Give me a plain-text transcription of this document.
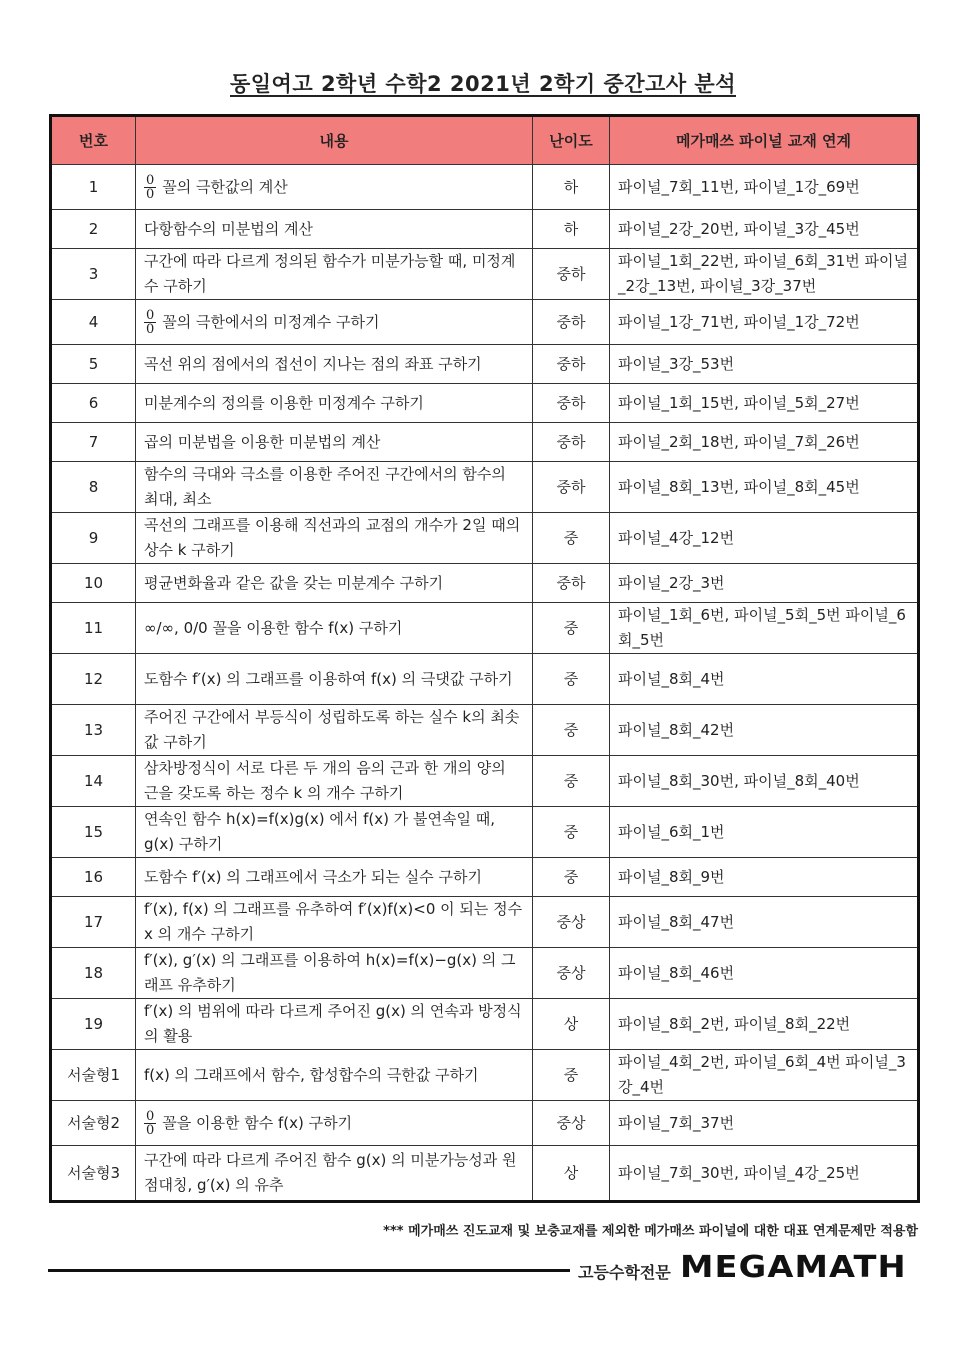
동일여고 2학년 수학2 2021년 2학기 중간고사 분석
번호	내용	난이도	메가매쓰 파이널 교재 연계
1	$\frac{0}{0}$ 꼴의 극한값의 계산	하	파이널_7회_11번, 파이널_1강_69번
2	다항함수의 미분법의 계산	하	파이널_2강_20번, 파이널_3강_45번
3	구간에 따라 다르게 정의된 함수가 미분가능할 때, 미정계수 구하기	중하	파이널_1회_22번, 파이널_6회_31번 파이널_2강_13번, 파이널_3강_37번
4	$\frac{0}{0}$ 꼴의 극한에서의 미정계수 구하기	중하	파이널_1강_71번, 파이널_1강_72번
5	곡선 위의 점에서의 접선이 지나는 점의 좌표 구하기	중하	파이널_3강_53번
6	미분계수의 정의를 이용한 미정계수 구하기	중하	파이널_1회_15번, 파이널_5회_27번
7	곱의 미분법을 이용한 미분법의 계산	중하	파이널_2회_18번, 파이널_7회_26번
8	함수의 극대와 극소를 이용한 주어진 구간에서의 함수의 최대, 최소	중하	파이널_8회_13번, 파이널_8회_45번
9	곡선의 그래프를 이용해 직선과의 교점의 개수가 2일 때의 상수 k 구하기	중	파이널_4강_12번
10	평균변화율과 같은 값을 갖는 미분계수 구하기	중하	파이널_2강_3번
11	∞/∞, 0/0 꼴을 이용한 함수 f(x) 구하기	중	파이널_1회_6번, 파이널_5회_5번 파이널_6회_5번
12	도함수 f′(x) 의 그래프를 이용하여 f(x) 의 극댓값 구하기	중	파이널_8회_4번
13	주어진 구간에서 부등식이 성립하도록 하는 실수 k의 최솟값 구하기	중	파이널_8회_42번
14	삼차방정식이 서로 다른 두 개의 음의 근과 한 개의 양의 근을 갖도록 하는 정수 k 의 개수 구하기	중	파이널_8회_30번, 파이널_8회_40번
15	연속인 함수 h(x)=f(x)g(x) 에서 f(x) 가 불연속일 때, g(x) 구하기	중	파이널_6회_1번
16	도함수 f′(x) 의 그래프에서 극소가 되는 실수 구하기	중	파이널_8회_9번
17	f′(x), f(x) 의 그래프를 유추하여 f′(x)f(x)<0 이 되는 정수 x 의 개수 구하기	중상	파이널_8회_47번
18	f′(x), g′(x) 의 그래프를 이용하여 h(x)=f(x)−g(x) 의 그래프 유추하기	중상	파이널_8회_46번
19	f′(x) 의 범위에 따라 다르게 주어진 g(x) 의 연속과 방정식의 활용	상	파이널_8회_2번, 파이널_8회_22번
서술형1	f(x) 의 그래프에서 함수, 합성합수의 극한값 구하기	중	파이널_4회_2번, 파이널_6회_4번 파이널_3강_4번
서술형2	$\frac{0}{0}$ 꼴을 이용한 함수 f(x) 구하기	중상	파이널_7회_37번
서술형3	구간에 따라 다르게 주어진 함수 g(x) 의 미분가능성과 원점대칭, g′(x) 의 유추	상	파이널_7회_30번, 파이널_4강_25번
*** 메가매쓰 진도교재 및 보충교재를 제외한 메가매쓰 파이널에 대한 대표 연계문제만 적용함
고등수학전문 MEGAMATH
